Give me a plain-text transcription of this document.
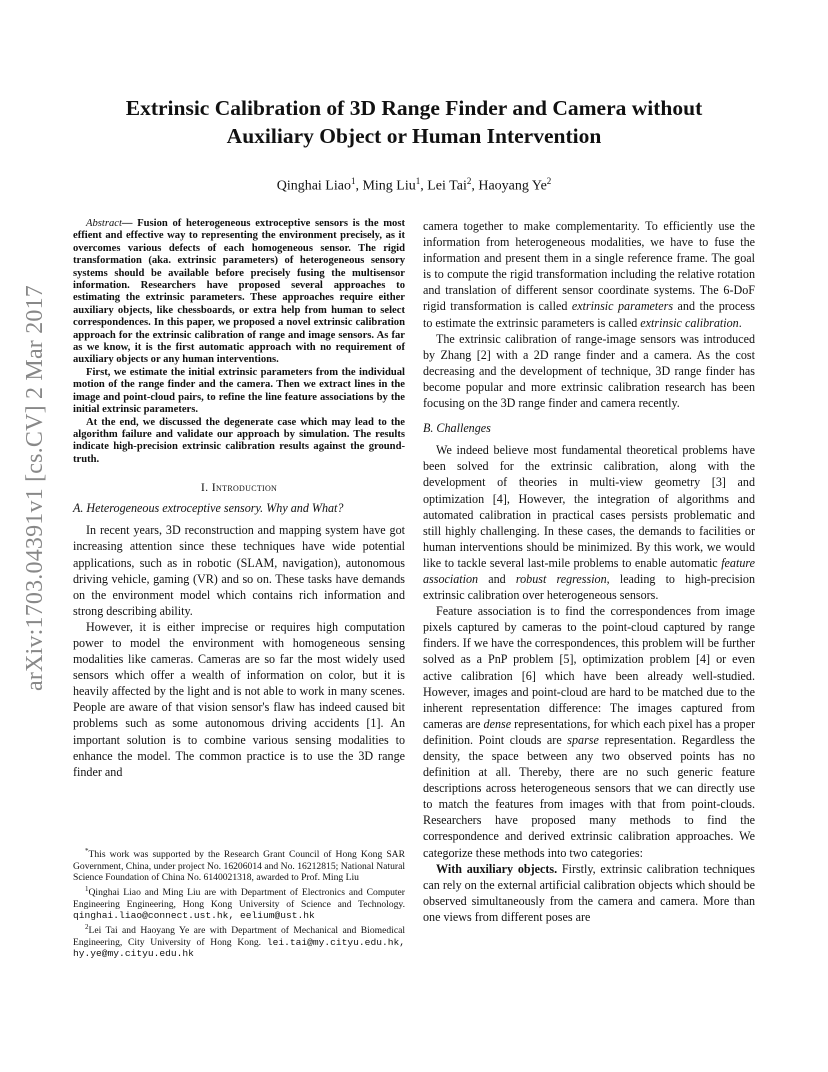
Extrinsic Calibration of 3D Range Finder and Camera without
Auxiliary Object or Human Intervention
Qinghai Liao$^1$, Ming Liu$^1$, Lei Tai$^2$, Haoyang Ye$^2$
arXiv:1703.04391v1 [cs.CV] 2 Mar 2017

Abstract— Fusion of heterogeneous extroceptive sensors is the most effient and effective way to representing the environment precisely, as it overcomes various defects of each homogeneous sensor. The rigid transformation (aka. extrinsic parameters) of heterogeneous sensory systems should be available before precisely fusing the multisensor information. Researchers have proposed several approaches to estimating the extrinsic parameters. These approaches require either auxiliary objects, like chessboards, or extra help from human to select correspondences. In this paper, we proposed a novel extrinsic calibration approach for the extrinsic calibration of range and image sensors. As far as we know, it is the first automatic approach with no requirement of auxiliary objects or any human interventions.

First, we estimate the initial extrinsic parameters from the individual motion of the range finder and the camera. Then we extract lines in the image and point-cloud pairs, to refine the line feature associations by the initial extrinsic parameters.

At the end, we discussed the degenerate case which may lead to the algorithm failure and validate our approach by simulation. The results indicate high-precision extrinsic calibration results against the ground-truth.

I. Introduction
A. Heterogeneous extroceptive sensory. Why and What?

In recent years, 3D reconstruction and mapping system have got increasing attention since these techniques have wide potential applications, such as in robotic (SLAM, navigation), autonomous driving vehicle, gaming (VR) and so on. These tasks have demands on the environment model which contains rich information and strong describing ability.

However, it is either imprecise or requires high computation power to model the environment with homogeneous sensing modalities like cameras. Cameras are so far the most widely used sensors which offer a wealth of information on color, but it is heavily affected by the light and is not able to work in many scenes. People are aware of that vision sensor's flaw has indeed caused bit problems such as some autonomous driving accidents [1]. An important solution is to combine various sensing modalities to enhance the model. The common practice is to use the 3D range finder and

*This work was supported by the Research Grant Council of Hong Kong SAR Government, China, under project No. 16206014 and No. 16212815; National Natural Science Foundation of China No. 6140021318, awarded to Prof. Ming Liu

$^1$Qinghai Liao and Ming Liu are with Department of Electronics and Computer Engineering Engineering, Hong Kong University of Science and Technology. qinghai.liao@connect.ust.hk, eelium@ust.hk

$^2$Lei Tai and Haoyang Ye are with Department of Mechanical and Biomedical Engineering, City University of Hong Kong. lei.tai@my.cityu.edu.hk, hy.ye@my.cityu.edu.hk

camera together to make complementarity. To efficiently use the information from heterogeneous modalities, we have to fuse the information and present them in a single reference frame. The goal is to compute the rigid transformation including the relative rotation and translation of different sensor coordinate systems. The 6-DoF rigid transformation is called extrinsic parameters and the process to estimate the extrinsic parameters is called extrinsic calibration.

The extrinsic calibration of range-image sensors was introduced by Zhang [2] with a 2D range finder and a camera. As the cost decreasing and the development of technique, 3D range finder has become popular and more extrinsic calibration research has been focusing on the 3D range finder and camera recently.

B. Challenges

We indeed believe most fundamental theoretical problems have been solved for the extrinsic calibration, along with the development of theories in multi-view geometry [3] and optimization [4], However, the integration of algorithms and automated calibration in practical cases persists problematic and still highly challenging. In these cases, the demands to facilities or human interventions should be minimized. By this work, we would like to tackle several last-mile problems to enable automatic feature association and robust regression, leading to high-precision extrinsic calibration over heterogeneous sensors.

Feature association is to find the correspondences from image pixels captured by cameras to the point-cloud captured by range finders. If we have the correspondences, this problem will be further solved as a PnP problem [5], optimization problem [4] or even active calibration [6] which have been already well-studied. However, images and point-cloud are hard to be matched due to the inherent representation difference: The images captured from cameras are dense representations, for which each pixel has a proper definition. Point clouds are sparse representation. Regardless the density, the space between any two observed points has no definition at all. Thereby, there are no such generic feature descriptions across heterogeneous sensors that we can directly use to match the features from images with that from point-clouds. Researchers have proposed many methods to find the correspondence and derived extrinsic calibration approaches. We categorize these methods into two categories:

With auxiliary objects. Firstly, extrinsic calibration techniques can rely on the external artificial calibration objects which should be observed simultaneously from the camera and camera. More than one views from different poses are
